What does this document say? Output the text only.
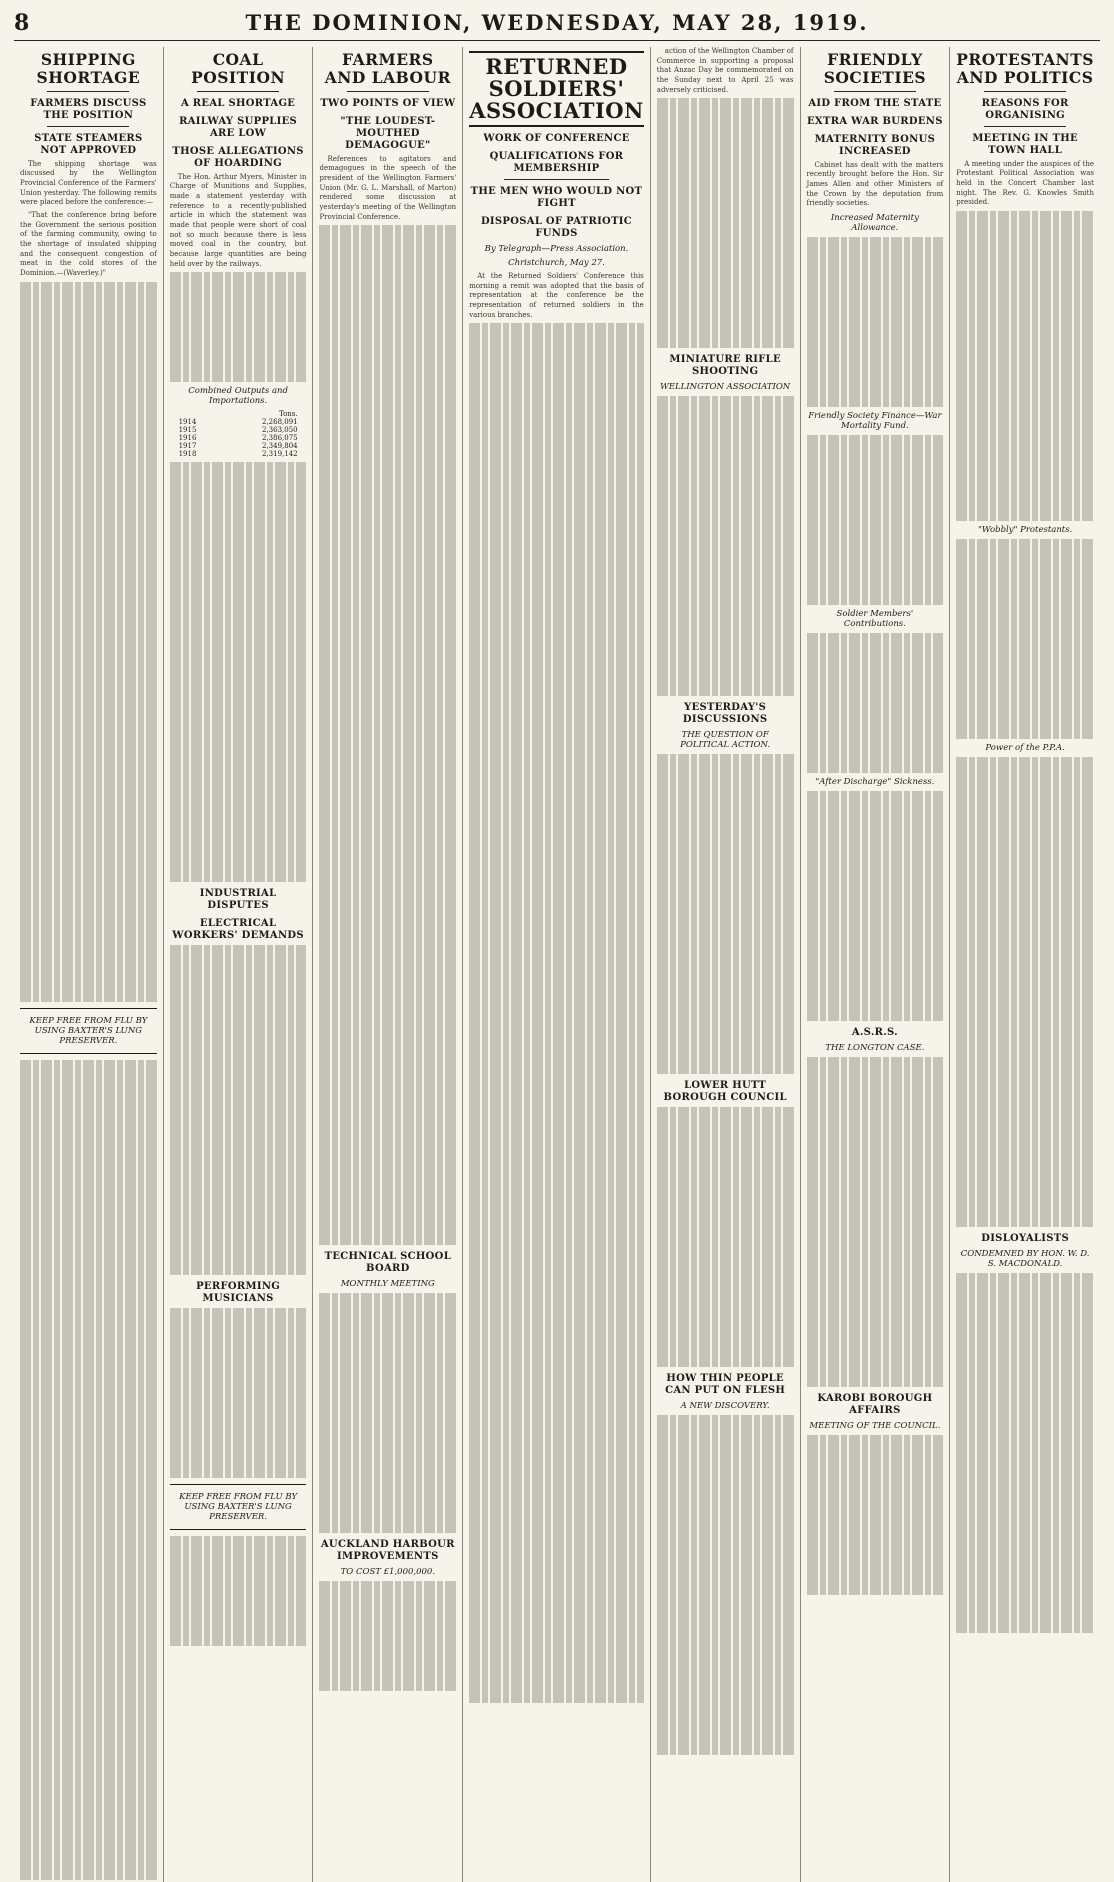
8	THE DOMINION, WEDNESDAY, MAY 28, 1919.
SHIPPING SHORTAGE
FARMERS DISCUSS THE POSITION
STATE STEAMERS NOT APPROVED

The shipping shortage was discussed by the Wellington Provincial Conference of the Farmers' Union yesterday. The following remits were placed before the conference:—

"That the conference bring before the Government the serious position of the farming community, owing to the shortage of insulated shipping and the consequent congestion of meat in the cold stores of the Dominion.—(Waverley.)"

KEEP FREE FROM FLU BY USING BAXTER'S LUNG PRESERVER.
COAL POSITION
A REAL SHORTAGE
RAILWAY SUPPLIES ARE LOW
THOSE ALLEGATIONS OF HOARDING

The Hon. Arthur Myers, Minister in Charge of Munitions and Supplies, made a statement yesterday with reference to a recently-published article in which the statement was made that people were short of coal not so much because there is less moved coal in the country, but because large quantities are being held over by the railways.

Combined Outputs and Importations.
	Tons.
1914	2,268,091
1915	2,363,050
1916	2,386,075
1917	2,349,804
1918	2,319,142
INDUSTRIAL DISPUTES
ELECTRICAL WORKERS' DEMANDS
PERFORMING MUSICIANS
KEEP FREE FROM FLU BY USING BAXTER'S LUNG PRESERVER.
FARMERS AND LABOUR
TWO POINTS OF VIEW
"THE LOUDEST-MOUTHED DEMAGOGUE"

References to agitators and demagogues in the speech of the president of the Wellington Farmers' Union (Mr. G. L. Marshall, of Marton) rendered some discussion at yesterday's meeting of the Wellington Provincial Conference.

TECHNICAL SCHOOL BOARD
MONTHLY MEETING
AUCKLAND HARBOUR IMPROVEMENTS
TO COST £1,000,000.
RETURNED SOLDIERS' ASSOCIATION
WORK OF CONFERENCE
QUALIFICATIONS FOR MEMBERSHIP
THE MEN WHO WOULD NOT FIGHT
DISPOSAL OF PATRIOTIC FUNDS
By Telegraph—Press Association.
Christchurch, May 27.

At the Returned Soldiers' Conference this morning a remit was adopted that the basis of representation at the conference be the representation of returned soldiers in the various branches.

action of the Wellington Chamber of Commerce in supporting a proposal that Anzac Day be commemorated on the Sunday next to April 25 was adversely criticised.

MINIATURE RIFLE SHOOTING
WELLINGTON ASSOCIATION
YESTERDAY'S DISCUSSIONS
THE QUESTION OF POLITICAL ACTION.
LOWER HUTT BOROUGH COUNCIL
HOW THIN PEOPLE CAN PUT ON FLESH
A NEW DISCOVERY.
FRIENDLY SOCIETIES
AID FROM THE STATE
EXTRA WAR BURDENS
MATERNITY BONUS INCREASED

Cabinet has dealt with the matters recently brought before the Hon. Sir James Allen and other Ministers of the Crown by the deputation from friendly societies.

Increased Maternity Allowance.
Friendly Society Finance—War Mortality Fund.
Soldier Members' Contributions.
"After Discharge" Sickness.
A.S.R.S.
THE LONGTON CASE.
KAROBI BOROUGH AFFAIRS
MEETING OF THE COUNCIL.
PROTESTANTS AND POLITICS
REASONS FOR ORGANISING
MEETING IN THE TOWN HALL

A meeting under the auspices of the Protestant Political Association was held in the Concert Chamber last night. The Rev. G. Knowles Smith presided.

"Wobbly" Protestants.
Power of the P.P.A.
DISLOYALISTS
CONDEMNED BY HON. W. D. S. MACDONALD.
